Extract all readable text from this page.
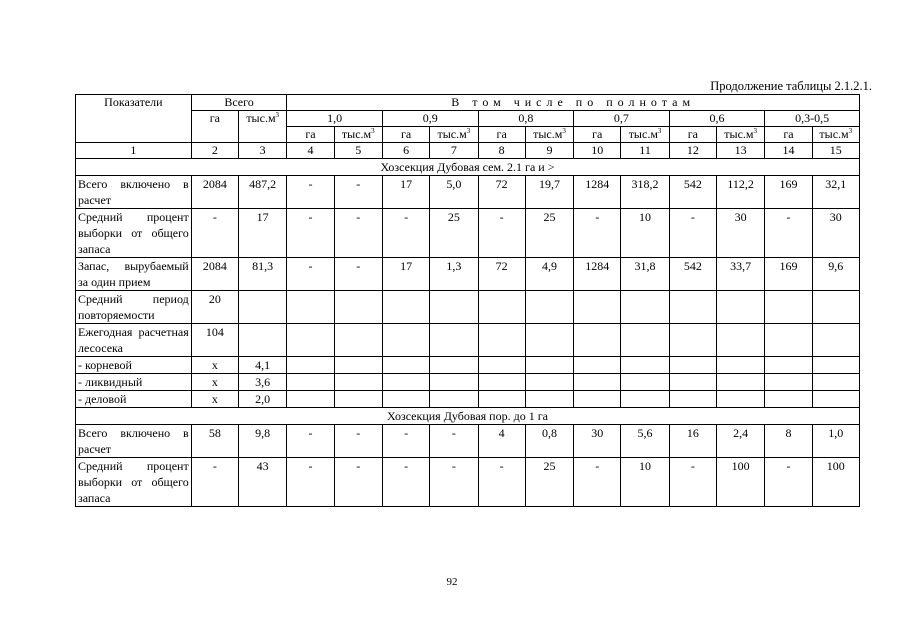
Продолжение таблицы 2.1.2.1.
Показатели	Всего		В том числе по полнотам											
	га	$тыс.м^3$	1,0		0,9		0,8		0,7		0,6		0,3-0,5	
			га	$тыс.м^3$	га	$тыс.м^3$	га	$тыс.м^3$	га	$тыс.м^3$	га	$тыс.м^3$	га	$тыс.м^3$
1	2	3	4	5	6	7	8	9	10	11	12	13	14	15
Хозсекция Дубовая сем. 2.1 га и >														
Всего включено в расчет	2084	487,2	-	-	17	5,0	72	19,7	1284	318,2	542	112,2	169	32,1
Средний процент выборки от общего запаса	-	17	-	-	-	25	-	25	-	10	-	30	-	30
Запас, вырубаемый за один прием	2084	81,3	-	-	17	1,3	72	4,9	1284	31,8	542	33,7	169	9,6
Средний период повторяемости	20													
Ежегодная расчетная лесосека	104													
- корневой	х	4,1												
- ликвидный	х	3,6												
- деловой	х	2,0												
Хозсекция Дубовая пор. до 1 га														
Всего включено в расчет	58	9,8	-	-	-	-	4	0,8	30	5,6	16	2,4	8	1,0
Средний процент выборки от общего запаса	-	43	-	-	-	-	-	25	-	10	-	100	-	100
92
